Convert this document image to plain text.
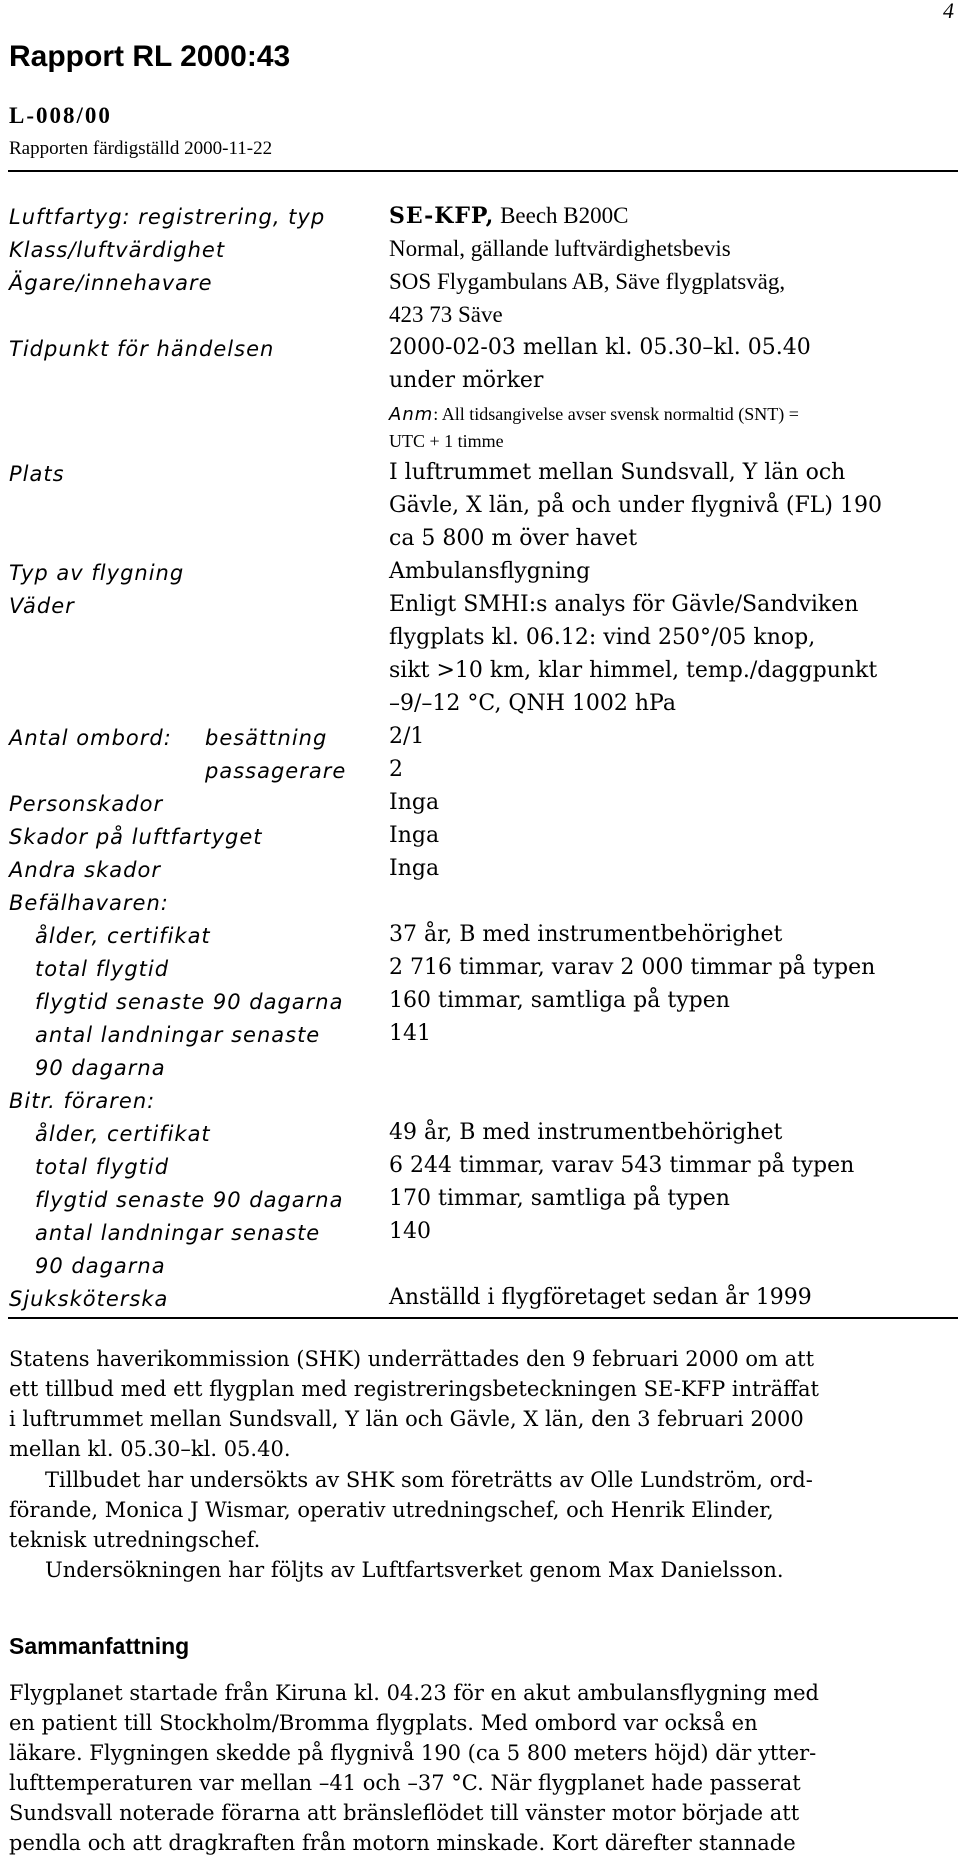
4
Rapport RL 2000:43
L-008/00
Rapporten färdigställd 2000-11-22
Luftfartyg: registrering, typ	SE-KFP, Beech B200C
Klass/luftvärdighet	Normal, gällande luftvärdighetsbevis
Ägare/innehavare	SOS Flygambulans AB, Säve flygplatsväg,
423 73 Säve
Tidpunkt för händelsen	2000-02-03 mellan kl. 05.30–kl. 05.40
under mörker
Anm: All tidsangivelse avser svensk normaltid (SNT) =
UTC + 1 timme
Plats	I luftrummet mellan Sundsvall, Y län och
Gävle, X län, på och under flygnivå (FL) 190
ca 5 800 m över havet
Typ av flygning	Ambulansflygning
Väder	Enligt SMHI:s analys för Gävle/Sandviken
flygplats kl. 06.12: vind 250°/05 knop,
sikt >10 km, klar himmel, temp./daggpunkt
–9/–12 °C, QNH 1002 hPa
Antal ombord: besättning	2/1
passagerare 2
Personskador	Inga
Skador på luftfartyget	Inga
Andra skador	Inga
Befälhavaren:
ålder, certifikat	37 år, B med instrumentbehörighet
total flygtid	2 716 timmar, varav 2 000 timmar på typen
flygtid senaste 90 dagarna 160 timmar, samtliga på typen
antal landningar senaste	141
90 dagarna
Bitr. föraren:
ålder, certifikat	49 år, B med instrumentbehörighet
total flygtid	6 244 timmar, varav 543 timmar på typen
flygtid senaste 90 dagarna 170 timmar, samtliga på typen
antal landningar senaste	140
90 dagarna
Sjuksköterska	Anställd i flygföretaget sedan år 1999
Statens haverikommission (SHK) underrättades den 9 februari 2000 om att
ett tillbud med ett flygplan med registreringsbeteckningen SE-KFP inträffat
i luftrummet mellan Sundsvall, Y län och Gävle, X län, den 3 februari 2000
mellan kl. 05.30–kl. 05.40.
Tillbudet har undersökts av SHK som företrätts av Olle Lundström, ord-
förande, Monica J Wismar, operativ utredningschef, och Henrik Elinder,
teknisk utredningschef.
Undersökningen har följts av Luftfartsverket genom Max Danielsson.
Sammanfattning
Flygplanet startade från Kiruna kl. 04.23 för en akut ambulansflygning med
en patient till Stockholm/Bromma flygplats. Med ombord var också en
läkare. Flygningen skedde på flygnivå 190 (ca 5 800 meters höjd) där ytter-
lufttemperaturen var mellan –41 och –37 °C. När flygplanet hade passerat
Sundsvall noterade förarna att bränsleflödet till vänster motor började att
pendla och att dragkraften från motorn minskade. Kort därefter stannade
